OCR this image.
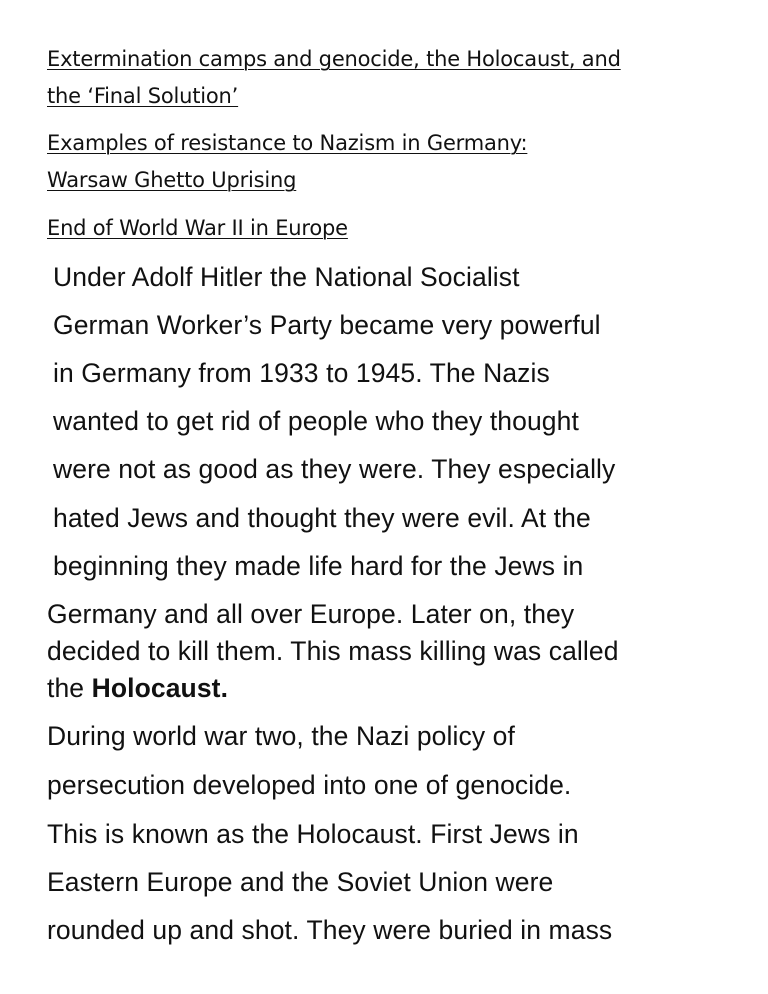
Extermination camps and genocide, the Holocaust, and
the ‘Final Solution’
Examples of resistance to Nazism in Germany:
Warsaw Ghetto Uprising
End of World War II in Europe
Under Adolf Hitler the National Socialist
German Worker’s Party became very powerful
in Germany from 1933 to 1945. The Nazis
wanted to get rid of people who they thought
were not as good as they were. They especially
hated Jews and thought they were evil. At the
beginning they made life hard for the Jews in
Germany and all over Europe. Later on, they
decided to kill them. This mass killing was called
the Holocaust.
During world war two, the Nazi policy of
persecution developed into one of genocide.
This is known as the Holocaust. First Jews in
Eastern Europe and the Soviet Union were
rounded up and shot. They were buried in mass
